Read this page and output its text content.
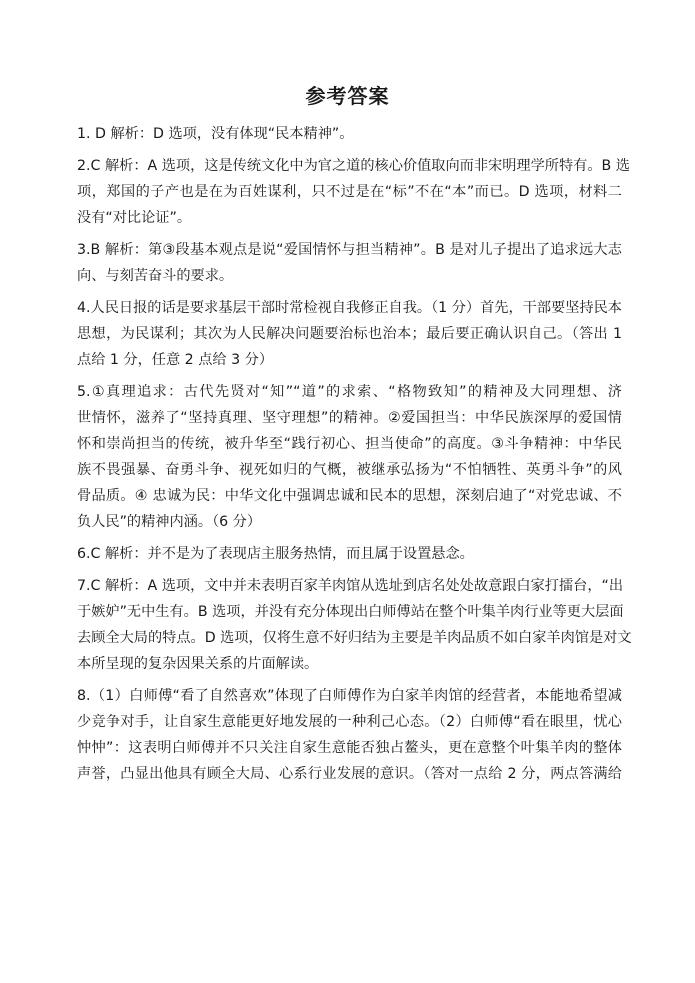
参考答案
1. D 解析：D 选项，没有体现“民本精神”。
2.C 解析：A 选项，这是传统文化中为官之道的核心价值取向而非宋明理学所特有。B 选
项，郑国的子产也是在为百姓谋利，只不过是在“标”不在“本”而已。D 选项，材料二
没有“对比论证”。
3.B 解析：第③段基本观点是说“爱国情怀与担当精神”。B 是对儿子提出了追求远大志
向、与刻苦奋斗的要求。
4.人民日报的话是要求基层干部时常检视自我修正自我。（1 分）首先，干部要坚持民本
思想，为民谋利；其次为人民解决问题要治标也治本；最后要正确认识自己。（答出 1
点给 1 分，任意 2 点给 3 分）
5.①真理追求：古代先贤对“知”“道”的求索、“格物致知”的精神及大同理想、济
世情怀，滋养了“坚持真理、坚守理想”的精神。②爱国担当：中华民族深厚的爱国情
怀和崇尚担当的传统，被升华至“践行初心、担当使命”的高度。③斗争精神：中华民
族不畏强暴、奋勇斗争、视死如归的气概，被继承弘扬为“不怕牺牲、英勇斗争”的风
骨品质。④ 忠诚为民：中华文化中强调忠诚和民本的思想，深刻启迪了“对党忠诚、不
负人民”的精神内涵。（6 分）
6.C 解析：并不是为了表现店主服务热情，而且属于设置悬念。
7.C 解析：A 选项，文中并未表明百家羊肉馆从选址到店名处处故意跟白家打擂台，“出
于嫉妒”无中生有。B 选项，并没有充分体现出白师傅站在整个叶集羊肉行业等更大层面
去顾全大局的特点。D 选项，仅将生意不好归结为主要是羊肉品质不如白家羊肉馆是对文
本所呈现的复杂因果关系的片面解读。
8.（1）白师傅“看了自然喜欢”体现了白师傅作为白家羊肉馆的经营者，本能地希望减
少竞争对手，让自家生意能更好地发展的一种利己心态。（2）白师傅“看在眼里，忧心
忡忡”：这表明白师傅并不只关注自家生意能否独占鳌头，更在意整个叶集羊肉的整体
声誉，凸显出他具有顾全大局、心系行业发展的意识。（答对一点给 2 分，两点答满给
